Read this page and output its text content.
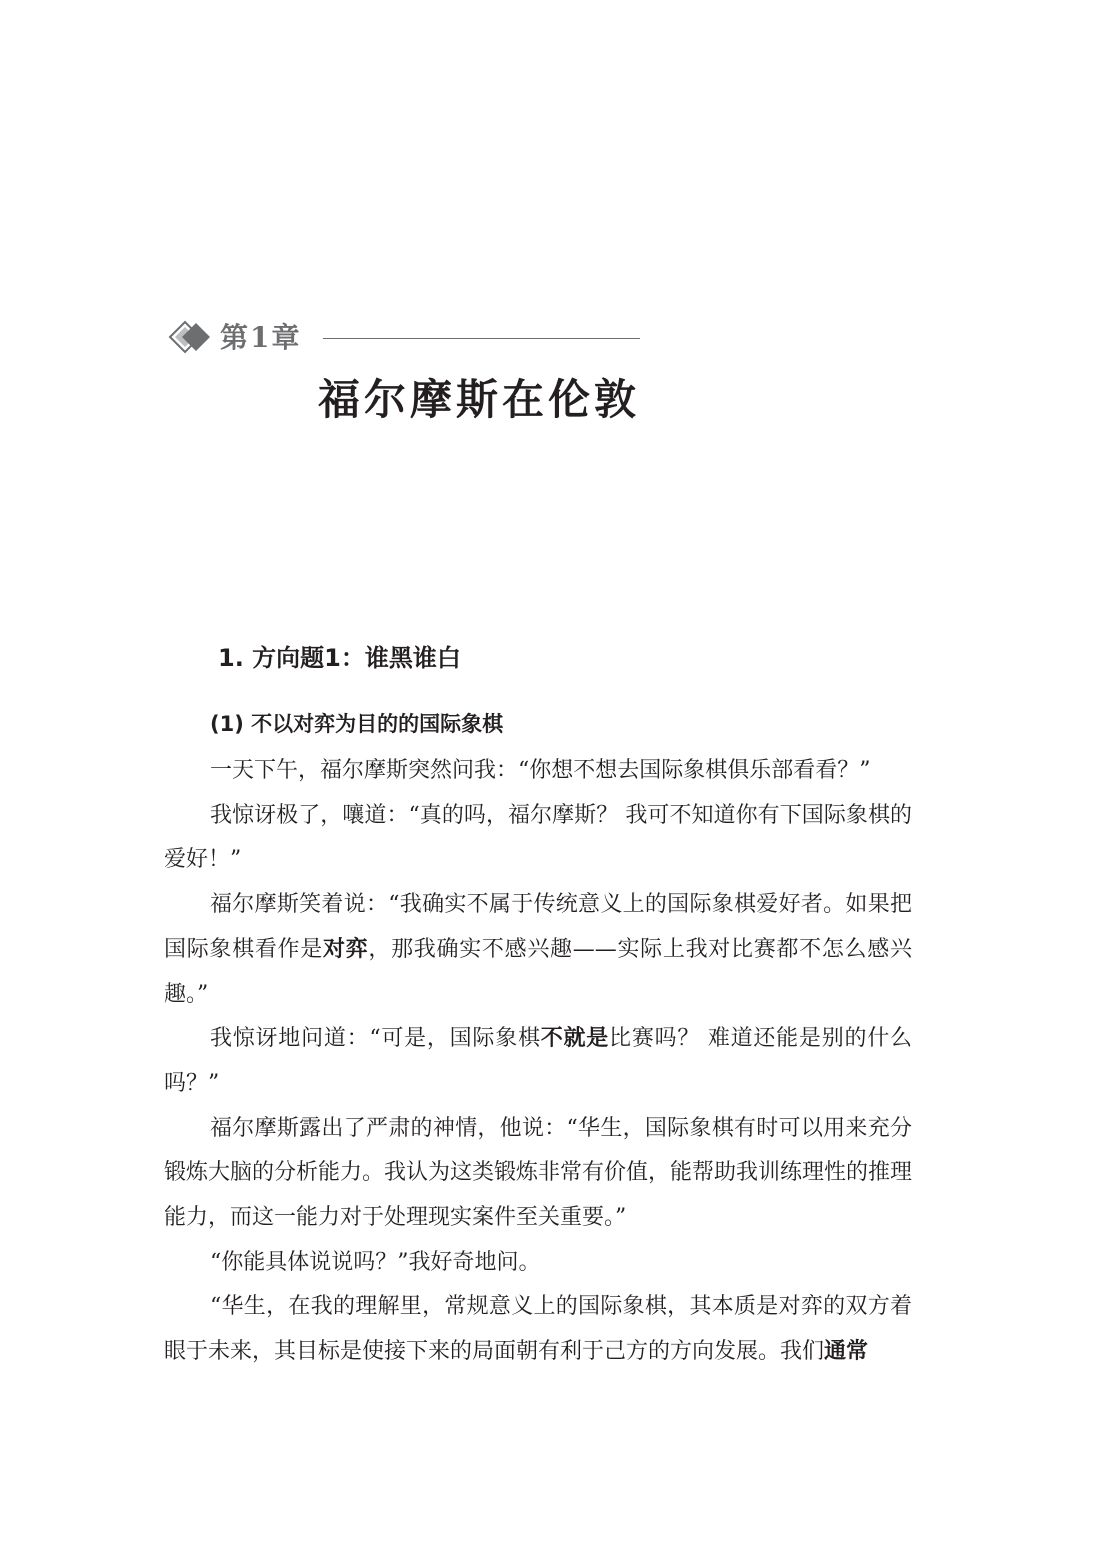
第1章
福尔摩斯在伦敦
1. 方向题1：谁黑谁白
(1) 不以对弈为目的的国际象棋

一天下午，福尔摩斯突然问我：“你想不想去国际象棋俱乐部看看？”

我惊讶极了，嚷道：“真的吗，福尔摩斯？ 我可不知道你有下国际象棋的爱好！”

福尔摩斯笑着说：“我确实不属于传统意义上的国际象棋爱好者。如果把国际象棋看作是对弈，那我确实不感兴趣——实际上我对比赛都不怎么感兴趣。”

我惊讶地问道：“可是，国际象棋不就是比赛吗？ 难道还能是别的什么吗？”

福尔摩斯露出了严肃的神情，他说：“华生，国际象棋有时可以用来充分锻炼大脑的分析能力。我认为这类锻炼非常有价值，能帮助我训练理性的推理能力，而这一能力对于处理现实案件至关重要。”

“你能具体说说吗？”我好奇地问。

“华生，在我的理解里，常规意义上的国际象棋，其本质是对弈的双方着眼于未来，其目标是使接下来的局面朝有利于己方的方向发展。我们通常
